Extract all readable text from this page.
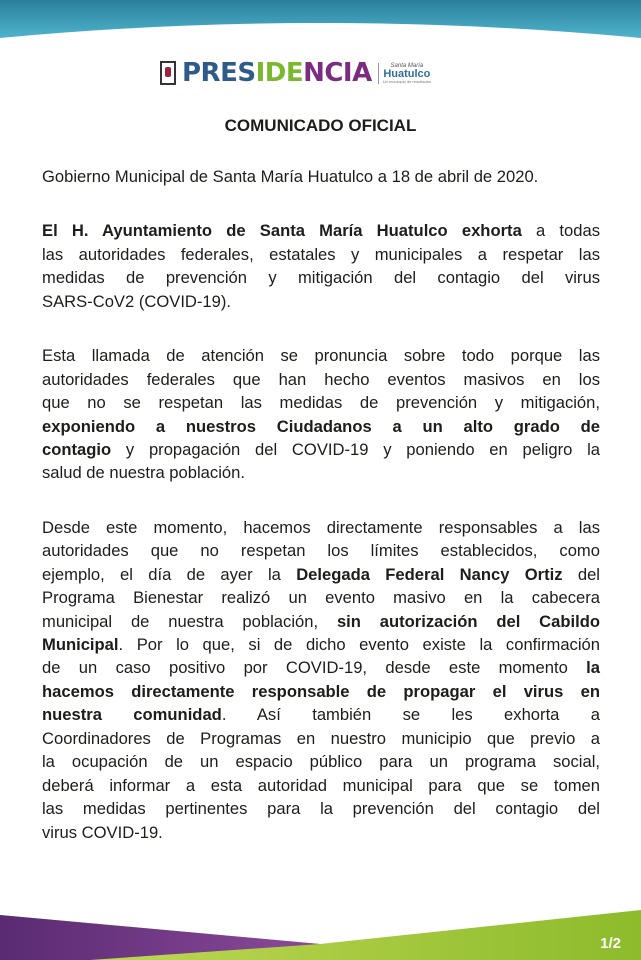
PRESIDENCIA	Santa María
Huatulco
Un municipio de resultados
COMUNICADO OFICIAL
Gobierno Municipal de Santa María Huatulco a 18 de abril de 2020.
El H. Ayuntamiento de Santa María Huatulco exhorta a todas
las autoridades federales, estatales y municipales a respetar las
medidas de prevención y mitigación del contagio del virus
SARS-CoV2 (COVID-19).
Esta llamada de atención se pronuncia sobre todo porque las
autoridades federales que han hecho eventos masivos en los
que no se respetan las medidas de prevención y mitigación,
exponiendo a nuestros Ciudadanos a un alto grado de
contagio y propagación del COVID-19 y poniendo en peligro la
salud de nuestra población.
Desde este momento, hacemos directamente responsables a las
autoridades que no respetan los límites establecidos, como
ejemplo, el día de ayer la Delegada Federal Nancy Ortiz del
Programa Bienestar realizó un evento masivo en la cabecera
municipal de nuestra población, sin autorización del Cabildo
Municipal. Por lo que, si de dicho evento existe la confirmación
de un caso positivo por COVID-19, desde este momento la
hacemos directamente responsable de propagar el virus en
nuestra comunidad. Así también se les exhorta a
Coordinadores de Programas en nuestro municipio que previo a
la ocupación de un espacio público para un programa social,
deberá informar a esta autoridad municipal para que se tomen
las medidas pertinentes para la prevención del contagio del
virus COVID-19.
1/2
